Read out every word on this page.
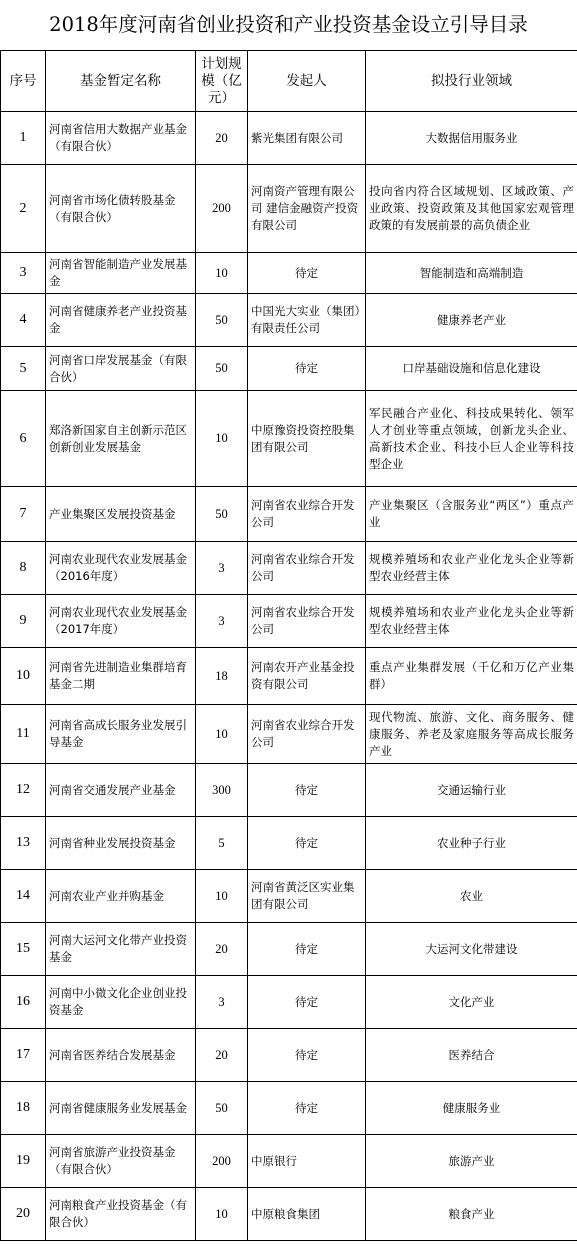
2018年度河南省创业投资和产业投资基金设立引导目录
序号	基金暂定名称	计划规模（亿元）	发起人	拟投行业领域
1	河南省信用大数据产业基金（有限合伙）	20	紫光集团有限公司	大数据信用服务业
2	河南省市场化债转股基金（有限合伙）	200	河南资产管理有限公司 建信金融资产投资有限公司	投向省内符合区域规划、区域政策、产业政策、投资政策及其他国家宏观管理政策的有发展前景的高负债企业
3	河南省智能制造产业发展基金	10	待定	智能制造和高端制造
4	河南省健康养老产业投资基金	50	中国光大实业（集团）有限责任公司	健康养老产业
5	河南省口岸发展基金（有限合伙）	50	待定	口岸基础设施和信息化建设
6	郑洛新国家自主创新示范区创新创业发展基金	10	中原豫资投资控股集团有限公司	军民融合产业化、科技成果转化、领军人才创业等重点领域，创新龙头企业、高新技术企业、科技小巨人企业等科技型企业
7	产业集聚区发展投资基金	50	河南省农业综合开发公司	产业集聚区（含服务业“两区”）重点产业
8	河南农业现代农业发展基金（2016年度）	3	河南省农业综合开发公司	规模养殖场和农业产业化龙头企业等新型农业经营主体
9	河南农业现代农业发展基金（2017年度）	3	河南省农业综合开发公司	规模养殖场和农业产业化龙头企业等新型农业经营主体
10	河南省先进制造业集群培育基金二期	18	河南农开产业基金投资有限公司	重点产业集群发展（千亿和万亿产业集群）
11	河南省高成长服务业发展引导基金	10	河南省农业综合开发公司	现代物流、旅游、文化、商务服务、健康服务、养老及家庭服务等高成长服务产业
12	河南省交通发展产业基金	300	待定	交通运输行业
13	河南省种业发展投资基金	5	待定	农业种子行业
14	河南农业产业并购基金	10	河南省黄泛区实业集团有限公司	农业
15	河南大运河文化带产业投资基金	20	待定	大运河文化带建设
16	河南中小微文化企业创业投资基金	3	待定	文化产业
17	河南省医养结合发展基金	20	待定	医养结合
18	河南省健康服务业发展基金	50	待定	健康服务业
19	河南省旅游产业投资基金（有限合伙）	200	中原银行	旅游产业
20	河南粮食产业投资基金（有限合伙）	10	中原粮食集团	粮食产业
